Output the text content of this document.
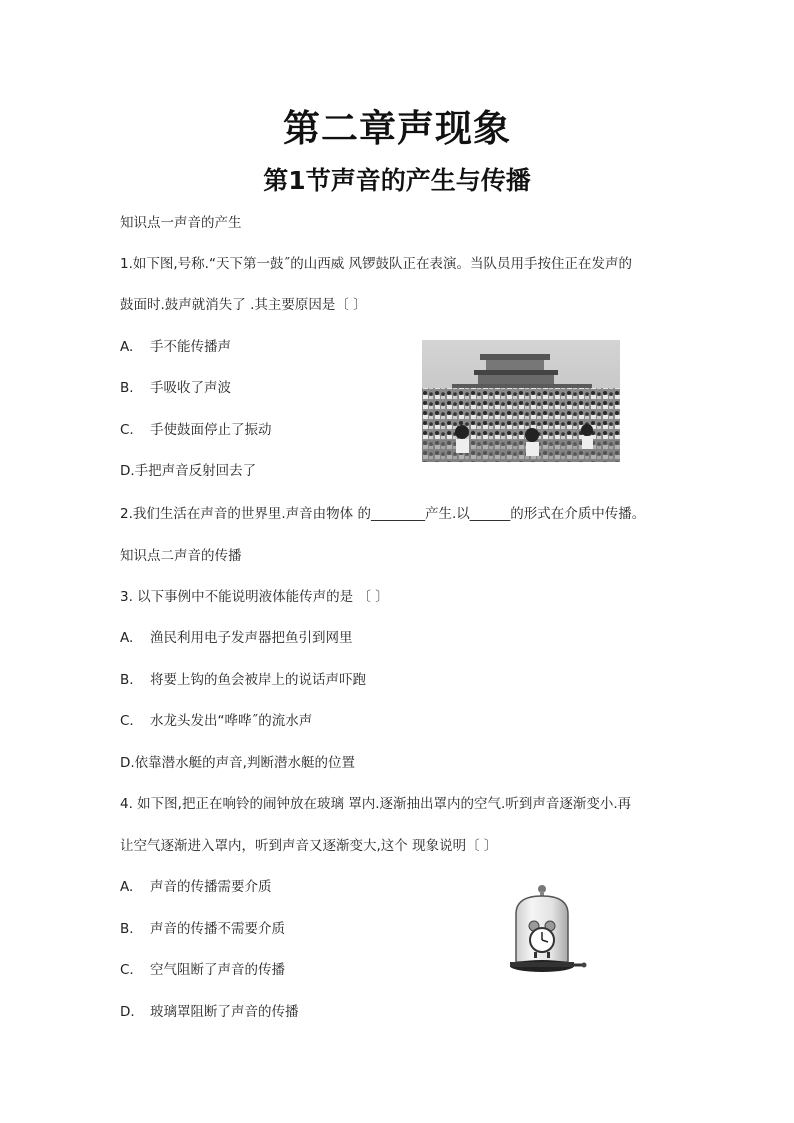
第二章声现象
第1节声音的产生与传播
知识点一声音的产生
1.如下图,号称.“天下第一鼓˝的山西威 风锣鼓队正在表演。当队员用手按住正在发声的
鼓面时.鼓声就消失了 .其主要原因是〔 〕
A. 手不能传播声
B. 手吸收了声波
C. 手使鼓面停止了振动
D.手把声音反射回去了
2.我们生活在声音的世界里.声音由物体 的________产生.以______的形式在介质中传播。
知识点二声音的传播
3. 以下事例中不能说明液体能传声的是 〔 〕
A. 渔民利用电子发声器把鱼引到网里
B. 将要上钩的鱼会被岸上的说话声吓跑
C. 水龙头发出“哗哗˝的流水声
D.依靠潜水艇的声音,判断潜水艇的位置
4. 如下图,把正在响铃的闹钟放在玻璃 罩内.逐渐抽出罩内的空气.听到声音逐渐变小.再
让空气逐渐进入罩内，听到声音又逐渐变大,这个 现象说明〔 〕
A. 声音的传播需要介质
B. 声音的传播不需要介质
C. 空气阻断了声音的传播
D. 玻璃罩阻断了声音的传播
